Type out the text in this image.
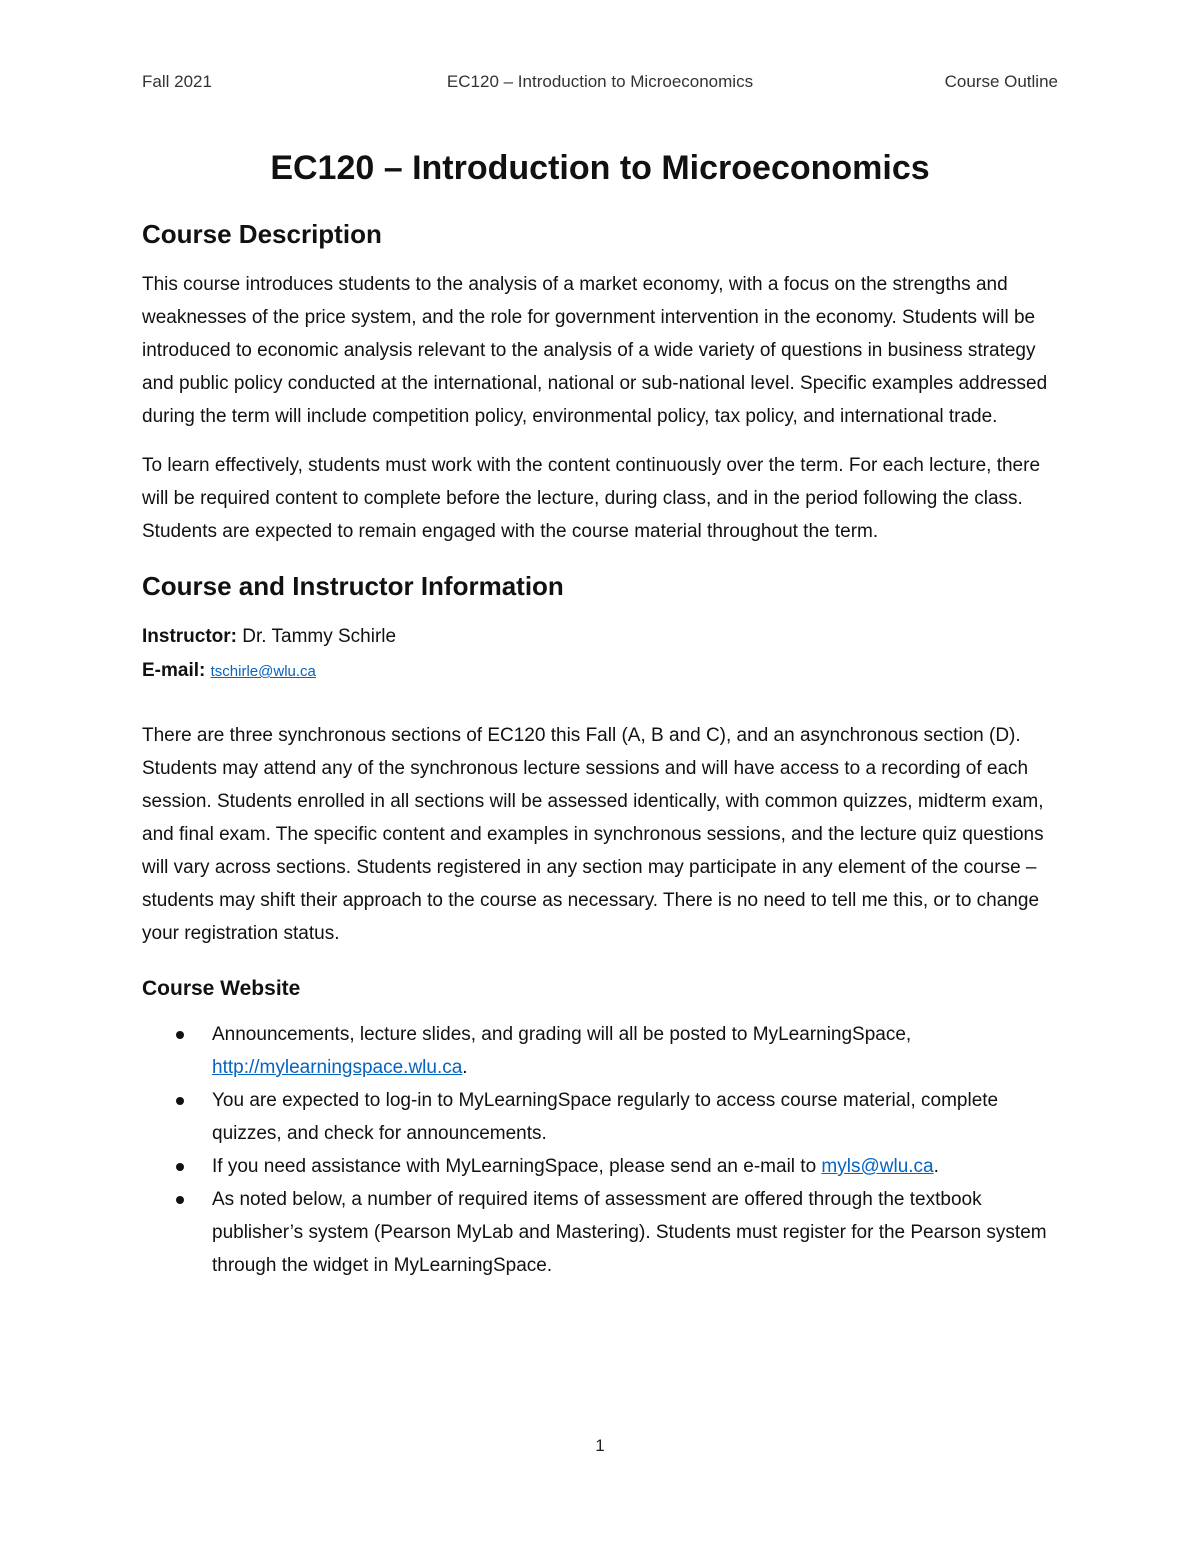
Fall 2021	EC120 – Introduction to Microeconomics	Course Outline
EC120 – Introduction to Microeconomics
Course Description

This course introduces students to the analysis of a market economy, with a focus on the strengths and weaknesses of the price system, and the role for government intervention in the economy. Students will be introduced to economic analysis relevant to the analysis of a wide variety of questions in business strategy and public policy conducted at the international, national or sub-national level. Specific examples addressed during the term will include competition policy, environmental policy, tax policy, and international trade.

To learn effectively, students must work with the content continuously over the term. For each lecture, there will be required content to complete before the lecture, during class, and in the period following the class. Students are expected to remain engaged with the course material throughout the term.

Course and Instructor Information
Instructor: Dr. Tammy Schirle
E-mail: tschirle@wlu.ca

There are three synchronous sections of EC120 this Fall (A, B and C), and an asynchronous section (D). Students may attend any of the synchronous lecture sessions and will have access to a recording of each session. Students enrolled in all sections will be assessed identically, with common quizzes, midterm exam, and final exam. The specific content and examples in synchronous sessions, and the lecture quiz questions will vary across sections. Students registered in any section may participate in any element of the course – students may shift their approach to the course as necessary. There is no need to tell me this, or to change your registration status.

Course Website
Announcements, lecture slides, and grading will all be posted to MyLearningSpace, http://mylearningspace.wlu.ca.
You are expected to log-in to MyLearningSpace regularly to access course material, complete quizzes, and check for announcements.
If you need assistance with MyLearningSpace, please send an e-mail to myls@wlu.ca.
As noted below, a number of required items of assessment are offered through the textbook publisher’s system (Pearson MyLab and Mastering). Students must register for the Pearson system through the widget in MyLearningSpace.
1
